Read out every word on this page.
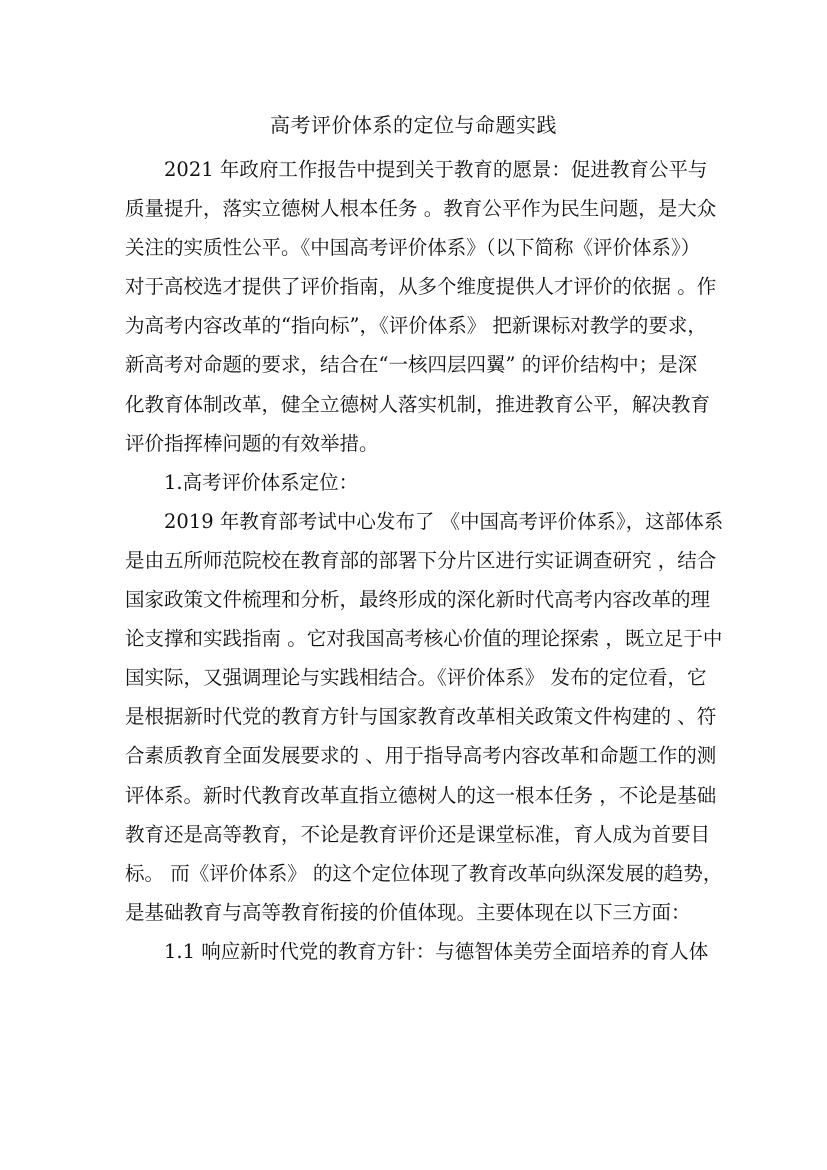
高考评价体系的定位与命题实践
2021 年政府工作报告中提到关于教育的愿景：促进教育公平与
质量提升，落实立德树人根本任务 。教育公平作为民生问题，是大众
关注的实质性公平。《中国高考评价体系》（以下简称《评价体系》）
对于高校选才提供了评价指南，从多个维度提供人才评价的依据 。作
为高考内容改革的“指向标”，《评价体系》 把新课标对教学的要求，
新高考对命题的要求，结合在“一核四层四翼” 的评价结构中；是深
化教育体制改革，健全立德树人落实机制，推进教育公平，解决教育
评价指挥棒问题的有效举措。
1.高考评价体系定位：
2019 年教育部考试中心发布了 《中国高考评价体系》，这部体系
是由五所师范院校在教育部的部署下分片区进行实证调查研究 ，结合
国家政策文件梳理和分析，最终形成的深化新时代高考内容改革的理
论支撑和实践指南 。它对我国高考核心价值的理论探索 ，既立足于中
国实际，又强调理论与实践相结合。《评价体系》 发布的定位看，它
是根据新时代党的教育方针与国家教育改革相关政策文件构建的 、符
合素质教育全面发展要求的 、用于指导高考内容改革和命题工作的测
评体系。新时代教育改革直指立德树人的这一根本任务 ，不论是基础
教育还是高等教育，不论是教育评价还是课堂标准，育人成为首要目
标。 而《评价体系》 的这个定位体现了教育改革向纵深发展的趋势，
是基础教育与高等教育衔接的价值体现。主要体现在以下三方面：
1.1 响应新时代党的教育方针：与德智体美劳全面培养的育人体
